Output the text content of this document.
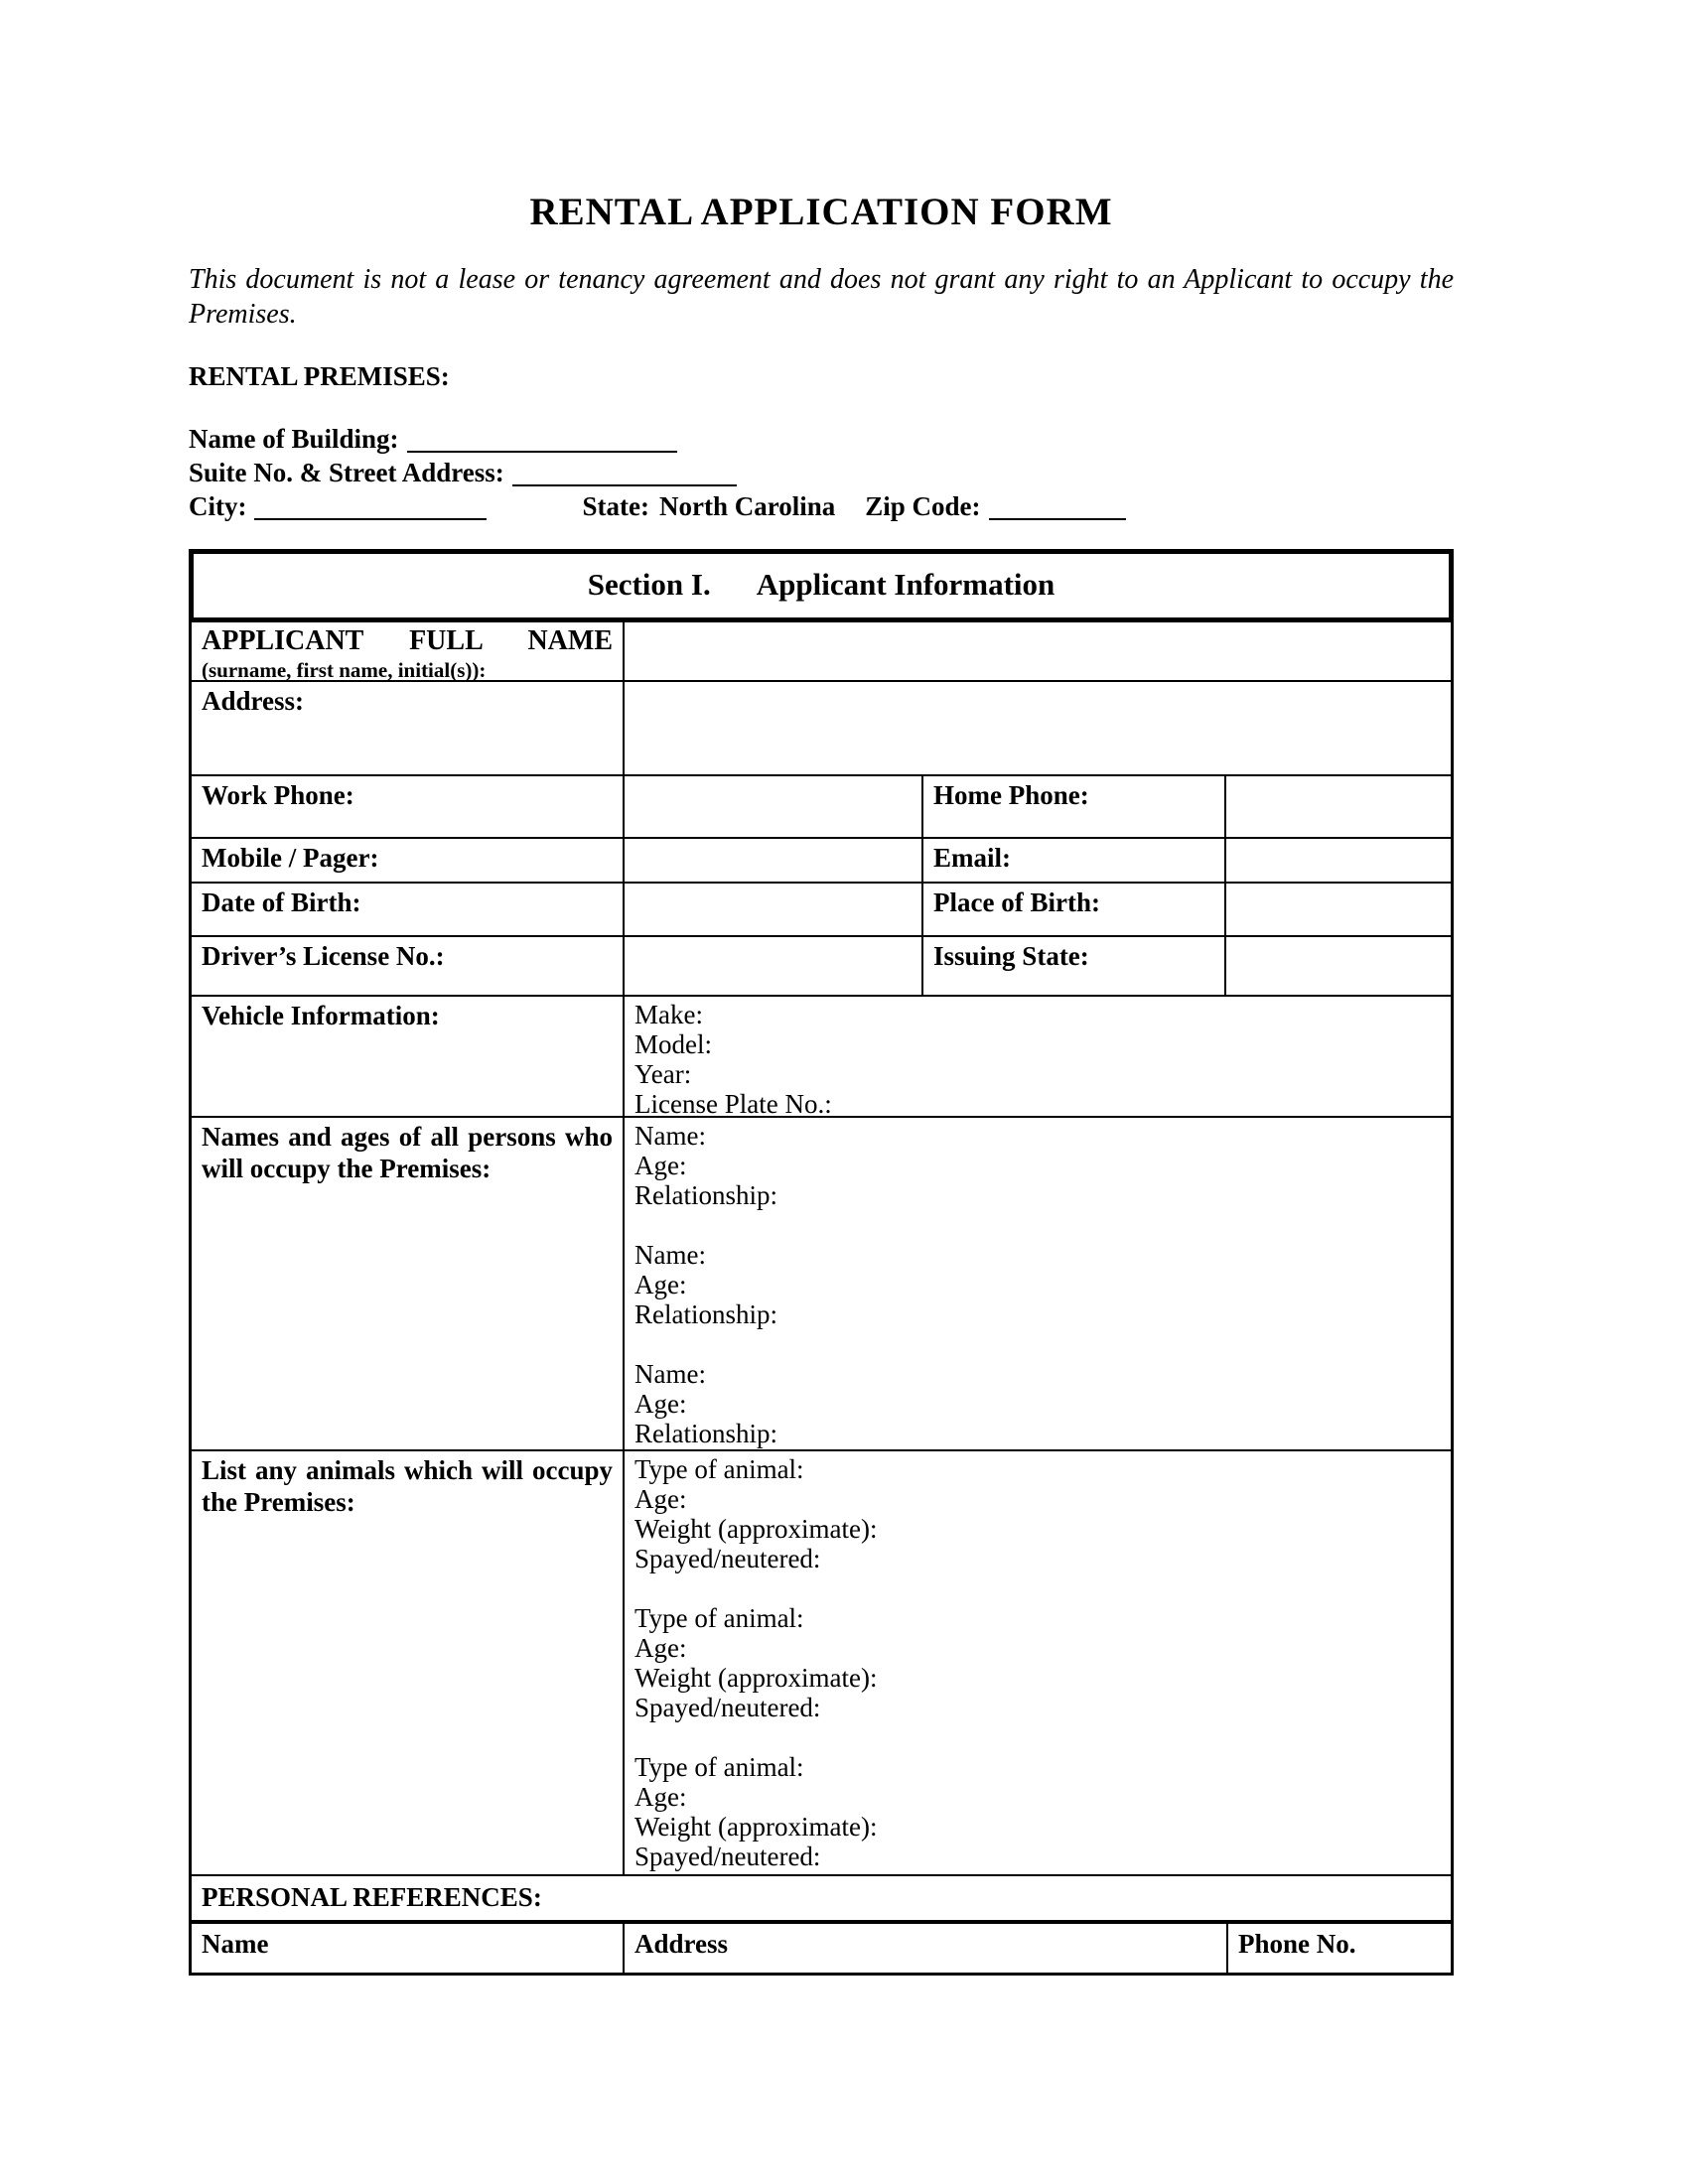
RENTAL APPLICATION FORM

This document is not a lease or tenancy agreement and does not grant any right to an Applicant to occupy the Premises.

RENTAL PREMISES:

Name of Building:
Suite No. & Street Address:
City:	State: North Carolina Zip Code:
Section I. Applicant Information
APPLICANT FULL NAME
(surname, first name, initial(s)):
Address:
Work Phone:	Home Phone:
Mobile / Pager:	Email:
Date of Birth:	Place of Birth:
Driver’s License No.:	Issuing State:
Vehicle Information:	Make:
Model:
Year:
License Plate No.:
Names and ages of all persons who will occupy the Premises:
Name:
Age:
Relationship:
Name:
Age:
Relationship:
Name:
Age:
Relationship:
List any animals which will occupy the Premises:
Type of animal:
Age:
Weight (approximate):
Spayed/neutered:
Type of animal:
Age:
Weight (approximate):
Spayed/neutered:
Type of animal:
Age:
Weight (approximate):
Spayed/neutered:
PERSONAL REFERENCES:
Name	Address	Phone No.
